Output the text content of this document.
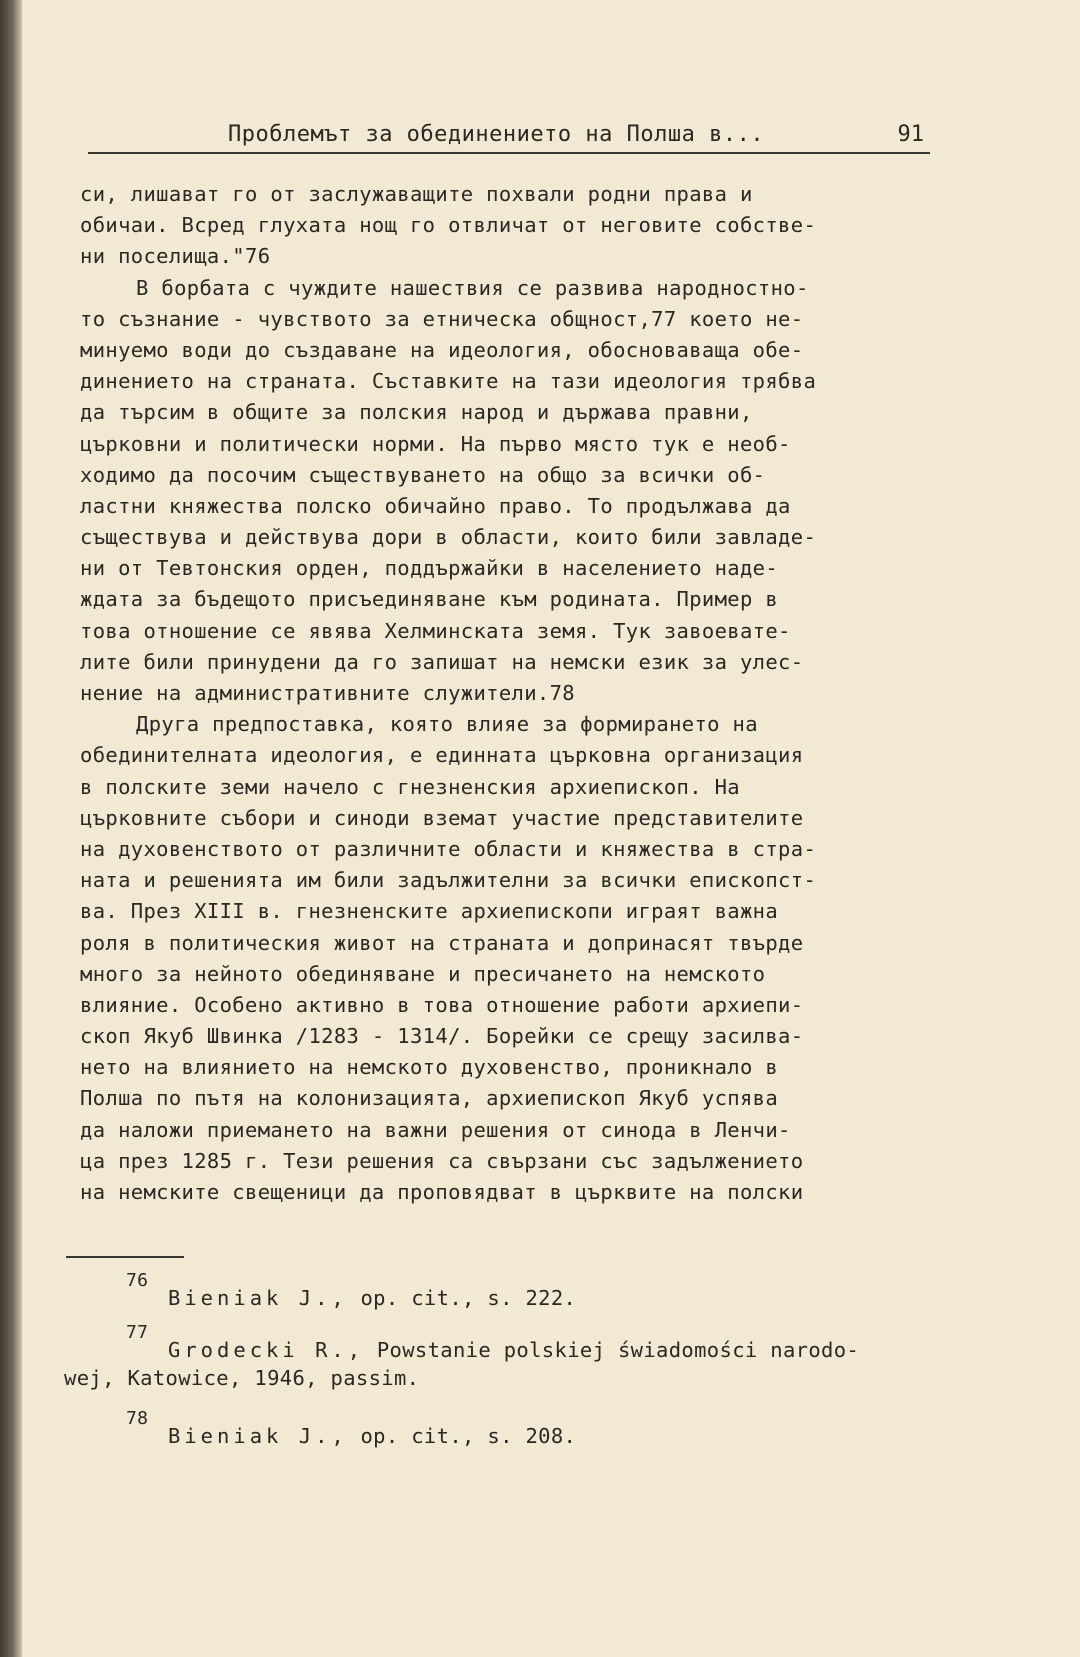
Проблемът за обединението на Полша в...	91
си, лишават го от заслужаващите похвали родни права и
обичаи. Всред глухата нощ го отвличат от неговите собстве-
ни поселища."76
В борбата с чуждите нашествия се развива народностно-
то съзнание - чувството за етническа общност,77 което не-
минуемо води до създаване на идеология, обосноваваща обе-
динението на страната. Съставките на тази идеология трябва
да търсим в общите за полския народ и държава правни,
църковни и политически норми. На първо място тук е необ-
ходимо да посочим съществуването на общо за всички об-
ластни княжества полско обичайно право. То продължава да
съществува и действува дори в области, които били завладе-
ни от Тевтонския орден, поддържайки в населението наде-
ждата за бъдещото присъединяване към родината. Пример в
това отношение се явява Хелминската земя. Тук завоевате-
лите били принудени да го запишат на немски език за улес-
нение на административните служители.78
Друга предпоставка, която влияе за формирането на
обединителната идеология, е единната църковна организация
в полските земи начело с гнезненския архиепископ. На
църковните събори и синоди вземат участие представителите
на духовенството от различните области и княжества в стра-
ната и решенията им били задължителни за всички епископст-
ва. През XIII в. гнезненските архиепископи играят важна
роля в политическия живот на страната и допринасят твърде
много за нейното обединяване и пресичането на немското
влияние. Особено активно в това отношение работи архиепи-
скоп Якуб Швинка /1283 - 1314/. Борейки се срещу засилва-
нето на влиянието на немското духовенство, проникнало в
Полша по пътя на колонизацията, архиепископ Якуб успява
да наложи приемането на важни решения от синода в Ленчи-
ца през 1285 г. Тези решения са свързани със задължението
на немските свещеници да проповядват в църквите на полски
76
Bieniak J., op. cit., s. 222.
77
Grodecki R., Powstanie polskiej świadomości narodo-
wej, Katowice, 1946, passim.
78
Bieniak J., op. cit., s. 208.
